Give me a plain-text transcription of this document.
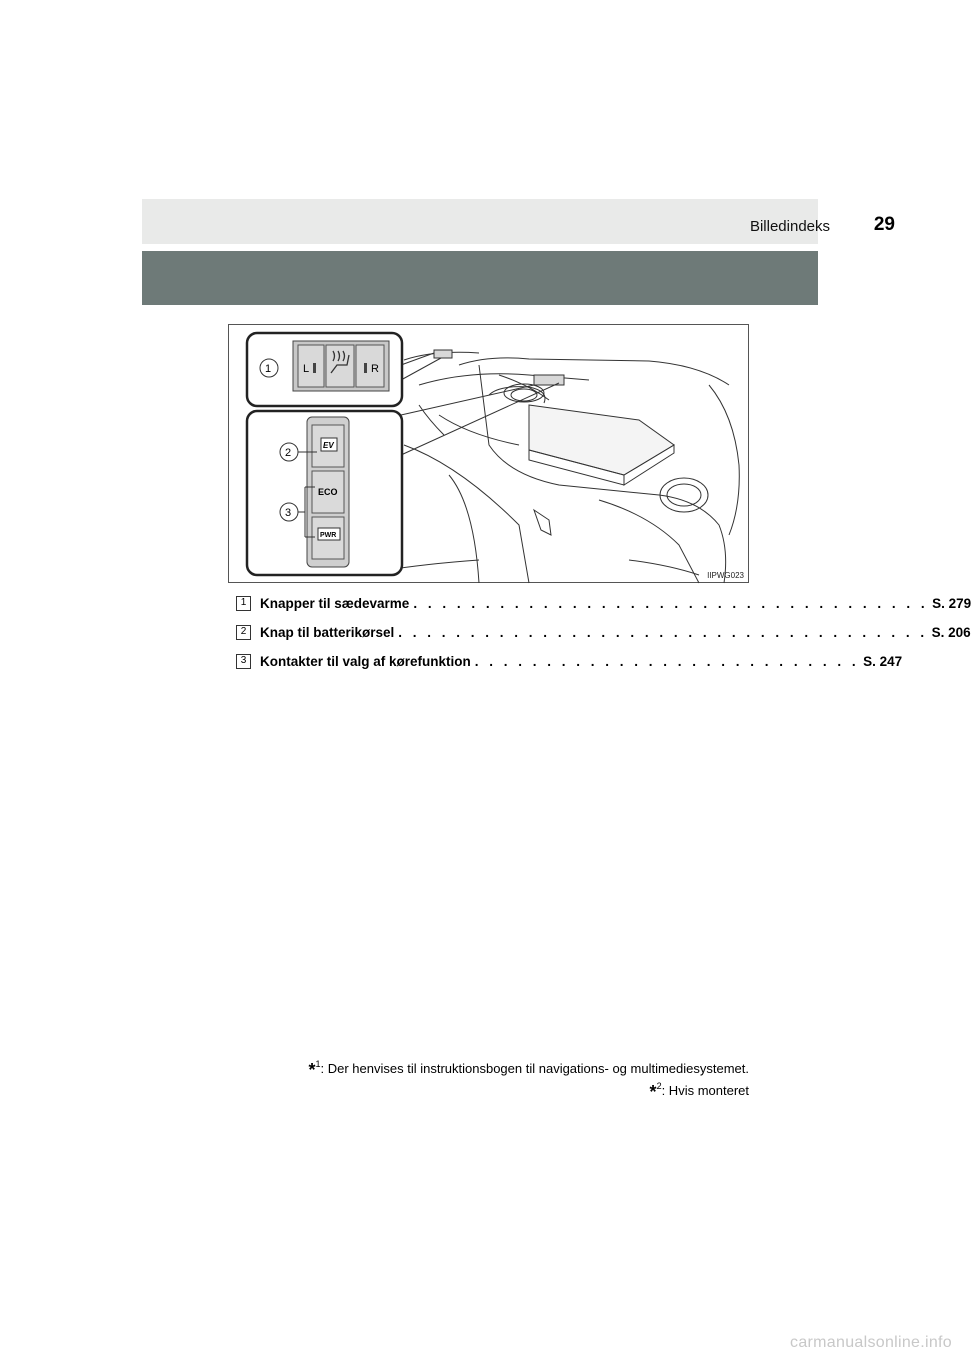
Billedindeks 29
L	R
1
EV
ECO
PWR
2
3
IIPWG023
1	Knapper til sædevarme . . . . . . . . . . . . . . . . . . . . . . . . . . . . . . . . . . . . S. 279
2	Knap til batterikørsel . . . . . . . . . . . . . . . . . . . . . . . . . . . . . . . . . . . . . S. 206
3	Kontakter til valg af kørefunktion . . . . . . . . . . . . . . . . . . . . . . . . . . . S. 247
*$^1$: Der henvises til instruktionsbogen til navigations- og multimediesystemet.
*$^2$: Hvis monteret
carmanualsonline.info
